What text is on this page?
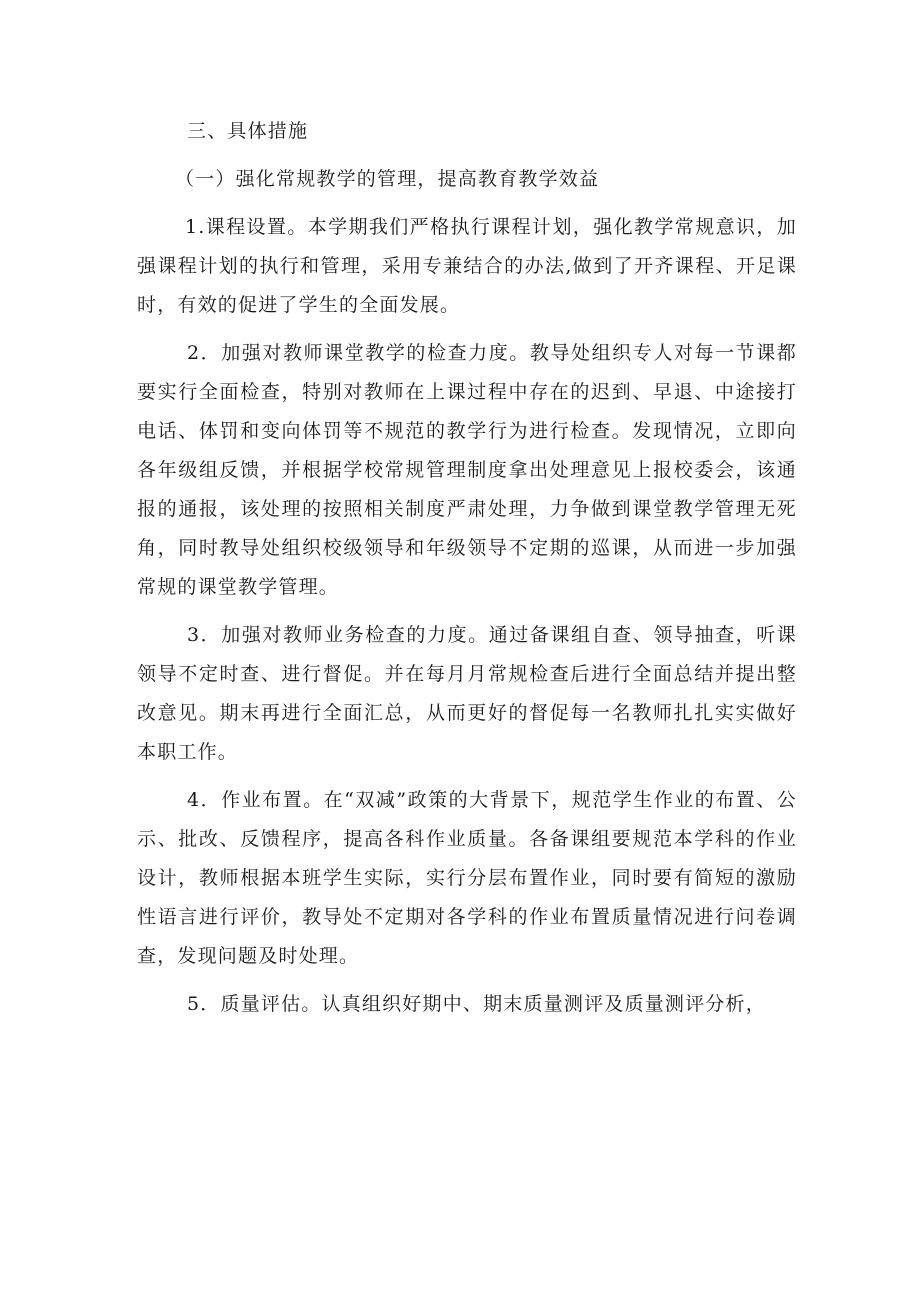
三、具体措施

（一）强化常规教学的管理，提高教育教学效益

1.课程设置。本学期我们严格执行课程计划，强化教学常规意识，加强课程计划的执行和管理，采用专兼结合的办法,做到了开齐课程、开足课时，有效的促进了学生的全面发展。

2．加强对教师课堂教学的检查力度。教导处组织专人对每一节课都要实行全面检查，特别对教师在上课过程中存在的迟到、早退、中途接打电话、体罚和变向体罚等不规范的教学行为进行检查。发现情况，立即向各年级组反馈，并根据学校常规管理制度拿出处理意见上报校委会，该通报的通报，该处理的按照相关制度严肃处理，力争做到课堂教学管理无死角，同时教导处组织校级领导和年级领导不定期的巡课，从而进一步加强常规的课堂教学管理。

3．加强对教师业务检查的力度。通过备课组自查、领导抽查，听课领导不定时查、进行督促。并在每月月常规检查后进行全面总结并提出整改意见。期末再进行全面汇总，从而更好的督促每一名教师扎扎实实做好本职工作。

4．作业布置。在“双减”政策的大背景下，规范学生作业的布置、公示、批改、反馈程序，提高各科作业质量。各备课组要规范本学科的作业设计，教师根据本班学生实际，实行分层布置作业，同时要有简短的激励性语言进行评价，教导处不定期对各学科的作业布置质量情况进行问卷调查，发现问题及时处理。

5．质量评估。认真组织好期中、期末质量测评及质量测评分析，
